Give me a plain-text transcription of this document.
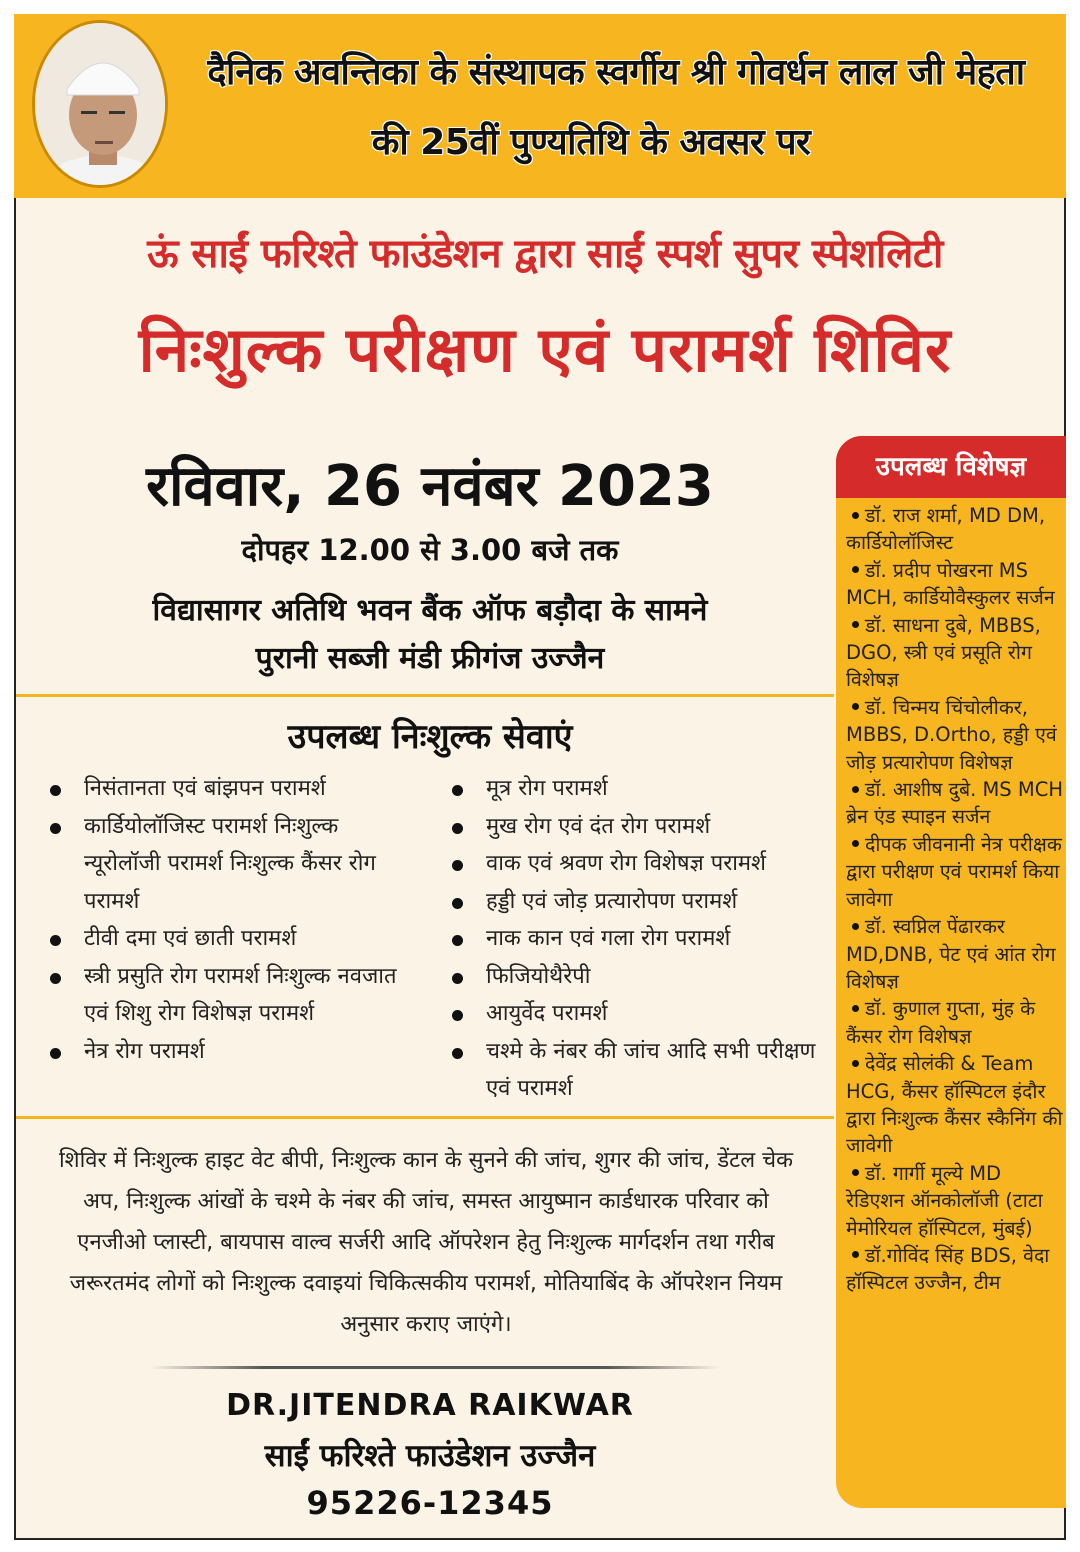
दैनिक अवन्तिका के संस्थापक स्वर्गीय श्री गोवर्धन लाल जी मेहता
की 25वीं पुण्यतिथि के अवसर पर
ऊं साईं फरिश्ते फाउंडेशन द्वारा साईं स्पर्श सुपर स्पेशलिटी
निःशुल्क परीक्षण एवं परामर्श शिविर
रविवार, 26 नवंबर 2023
दोपहर 12.00 से 3.00 बजे तक
विद्यासागर अतिथि भवन बैंक ऑफ बड़ौदा के सामने
पुरानी सब्जी मंडी फ्रीगंज उज्जैन
उपलब्ध निःशुल्क सेवाएं
निसंतानता एवं बांझपन परामर्श
कार्डियोलॉजिस्ट परामर्श निःशुल्क न्यूरोलॉजी परामर्श निःशुल्क कैंसर रोग परामर्श
टीवी दमा एवं छाती परामर्श
स्त्री प्रसुति रोग परामर्श निःशुल्क नवजात एवं शिशु रोग विशेषज्ञ परामर्श
नेत्र रोग परामर्श
मूत्र रोग परामर्श
मुख रोग एवं दंत रोग परामर्श
वाक एवं श्रवण रोग विशेषज्ञ परामर्श
हड्डी एवं जोड़ प्रत्यारोपण परामर्श
नाक कान एवं गला रोग परामर्श
फिजियोथैरेपी
आयुर्वेद परामर्श
चश्मे के नंबर की जांच आदि सभी परीक्षण एवं परामर्श
शिविर में निःशुल्क हाइट वेट बीपी, निःशुल्क कान के सुनने की जांच, शुगर की जांच, डेंटल चेक अप, निःशुल्क आंखों के चश्मे के नंबर की जांच, समस्त आयुष्मान कार्डधारक परिवार को एनजीओ प्लास्टी, बायपास वाल्व सर्जरी आदि ऑपरेशन हेतु निःशुल्क मार्गदर्शन तथा गरीब जरूरतमंद लोगों को निःशुल्क दवाइयां चिकित्सकीय परामर्श, मोतियाबिंद के ऑपरेशन नियम अनुसार कराए जाएंगे।
DR.JITENDRA RAIKWAR
साईं फरिश्ते फाउंडेशन उज्जैन
95226-12345
उपलब्ध विशेषज्ञ
डॉ. राज शर्मा, MD DM, कार्डियोलॉजिस्ट
डॉ. प्रदीप पोखरना MS MCH, कार्डियोवैस्कुलर सर्जन
डॉ. साधना दुबे, MBBS, DGO, स्त्री एवं प्रसूति रोग विशेषज्ञ
डॉ. चिन्मय चिंचोलीकर, MBBS, D.Ortho, हड्डी एवं जोड़ प्रत्यारोपण विशेषज्ञ
डॉ. आशीष दुबे. MS MCH ब्रेन एंड स्पाइन सर्जन
दीपक जीवनानी नेत्र परीक्षक द्वारा परीक्षण एवं परामर्श किया जावेगा
डॉ. स्वप्निल पेंढारकर MD,DNB, पेट एवं आंत रोग विशेषज्ञ
डॉ. कुणाल गुप्ता, मुंह के कैंसर रोग विशेषज्ञ
देवेंद्र सोलंकी & Team HCG, कैंसर हॉस्पिटल इंदौर द्वारा निःशुल्क कैंसर स्कैनिंग की जावेगी
डॉ. गार्गी मूल्ये MD रेडिएशन ऑनकोलॉजी (टाटा मेमोरियल हॉस्पिटल, मुंबई)
डॉ.गोविंद सिंह BDS, वेदा हॉस्पिटल उज्जैन, टीम
